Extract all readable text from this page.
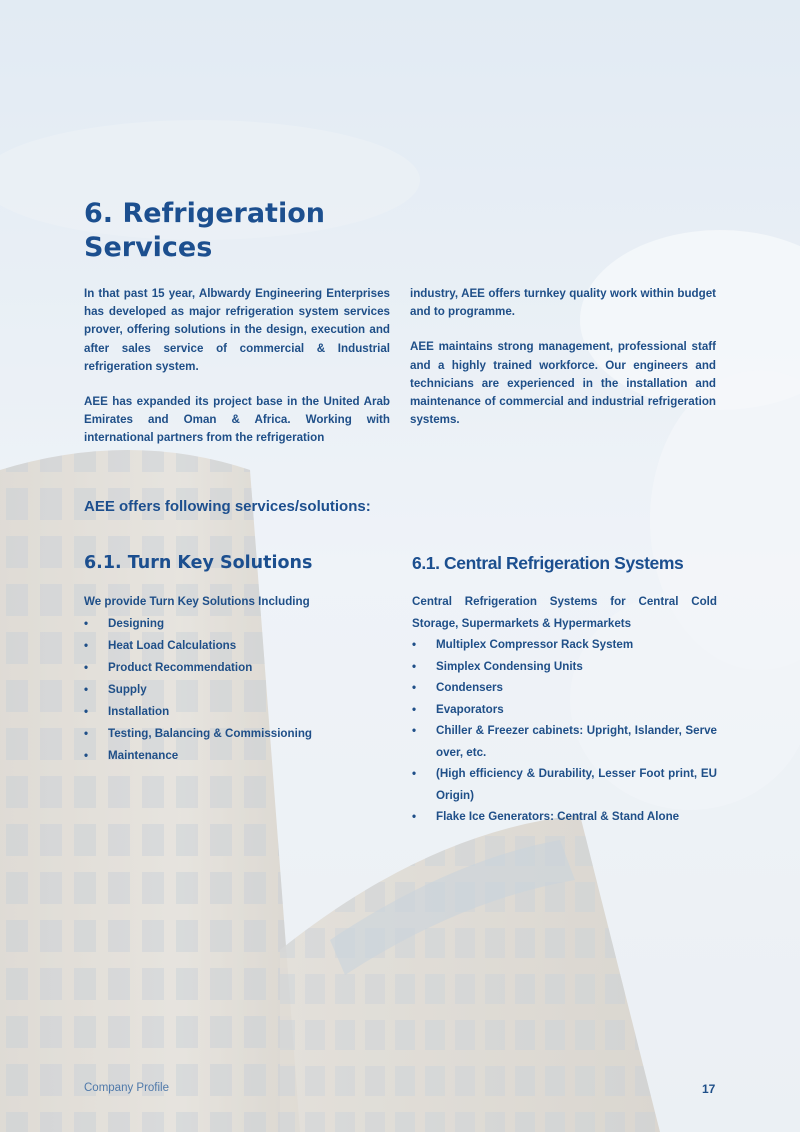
6. Refrigeration
Services

In that past 15 year, Albwardy Engineering Enterprises has developed as major refrigeration system services prover, offering solutions in the design, execution and after sales service of commercial & Industrial refrigeration system.

AEE has expanded its project base in the United Arab Emirates and Oman & Africa. Working with international partners from the refrigeration

industry, AEE offers turnkey quality work within budget and to programme.

AEE maintains strong management, professional staff and a highly trained workforce. Our engineers and technicians are experienced in the installation and maintenance of commercial and industrial refrigeration systems.

AEE offers following services/solutions:
6.1. Turn Key Solutions	6.1. Central Refrigeration Systems

We provide Turn Key Solutions Including

• Designing
• Heat Load Calculations
• Product Recommendation
• Supply
• Installation
• Testing, Balancing & Commissioning
• Maintenance

Central Refrigeration Systems for Central Cold Storage, Supermarkets & Hypermarkets

• Multiplex Compressor Rack System
• Simplex Condensing Units
• Condensers
• Evaporators
• Chiller & Freezer cabinets: Upright, Islander, Serve over, etc.
• (High efficiency & Durability, Lesser Foot print, EU Origin)
• Flake Ice Generators: Central & Stand Alone
Company Profile	17
